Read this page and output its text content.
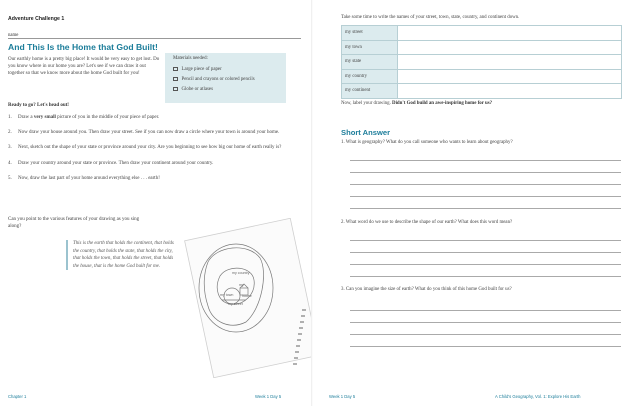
Adventure Challenge 1
name
And This Is the Home that God Built!
Our earthly home is a pretty big place! It would be very easy to get lost. Do you know where in our home you are? Let's see if we can draw it out together so that we know more about the home God built for you!
Materials needed:
Large piece of paper
Pencil and crayons or colored pencils
Globe or atlases
Ready to go? Let's head out!
1.	Draw a very small picture of you in the middle of your piece of paper.
2.	Now draw your house around you. Then draw your street. See if you can now draw a circle where your town is around your home.
3.	Next, sketch out the shape of your state or province around your city. Are you beginning to see how big our home of earth really is?
4.	Draw your country around your state or province. Then draw your continent around your country.
5.	Now, draw the last part of your home around everything else . . . earth!
Can you point to the various features of your drawing as you sing along?
This is the earth that holds the continent, that holds the country, that holds the state, that holds the city, that holds the town, that holds the street, that holds the house, that is the home God built for me.
my country
my
house
my town
my street
Chapter 1	Week 1 Day 5
Take some time to write the names of your street, town, state, country, and continent down.
my street	
my town	
my state	
my country	
my continent	
Now, label your drawing. Didn't God build an awe-inspiring home for us?
Short Answer
1. What is geography? What do you call someone who wants to learn about geography?
2. What word do we use to describe the shape of our earth? What does this word mean?
3. Can you imagine the size of earth? What do you think of this home God built for us?
Week 1 Day 5	A Child's Geography, Vol. 1: Explore His Earth
